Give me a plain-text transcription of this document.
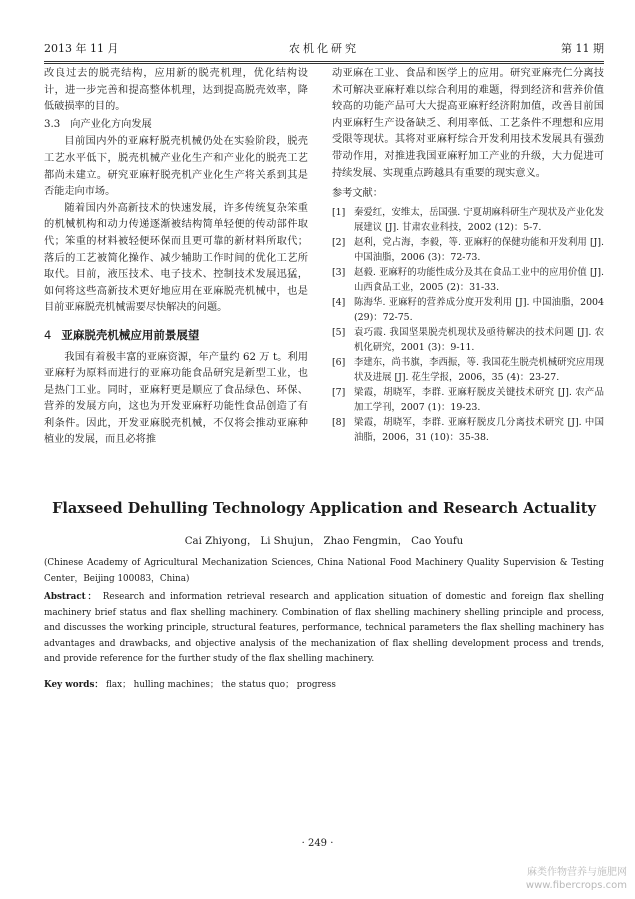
2013 年 11 月	农机化研究	第 11 期

改良过去的脱壳结构，应用新的脱壳机理，优化结构设计，进一步完善和提高整体机理，达到提高脱壳效率，降低破损率的目的。

3.3 向产业化方向发展

目前国内外的亚麻籽脱壳机械仍处在实验阶段，脱壳工艺水平低下，脱壳机械产业化生产和产业化的脱壳工艺都尚未建立。研究亚麻籽脱壳机产业化生产将关系到其是否能走向市场。

随着国内外高新技术的快速发展，许多传统复杂笨重的机械机构和动力传递逐渐被结构简单轻便的传动部件取代；笨重的材料被轻便环保而且更可靠的新材料所取代；落后的工艺被简化操作、减少辅助工作时间的优化工艺所取代。目前，液压技术、电子技术、控制技术发展迅猛，如何将这些高新技术更好地应用在亚麻脱壳机械中，也是目前亚麻脱壳机械需要尽快解决的问题。

4 亚麻脱壳机械应用前景展望

我国有着极丰富的亚麻资源，年产量约 62 万 t。利用亚麻籽为原料而进行的亚麻功能食品研究是新型工业，也是热门工业。同时，亚麻籽更是顺应了食品绿色、环保、营养的发展方向，这也为开发亚麻籽功能性食品创造了有利条件。因此，开发亚麻脱壳机械，不仅将会推动亚麻种植业的发展，而且必将推

动亚麻在工业、食品和医学上的应用。研究亚麻壳仁分离技术可解决亚麻籽难以综合利用的难题，得到经济和营养价值较高的功能产品可大大提高亚麻籽经济附加值，改善目前国内亚麻籽生产设备缺乏、利用率低、工艺条件不理想和应用受限等现状。其将对亚麻籽综合开发利用技术发展具有强劲带动作用，对推进我国亚麻籽加工产业的升级，大力促进可持续发展、实现重点跨越具有重要的现实意义。

参考文献：
[1] 秦爱红，安维太，岳国强. 宁夏胡麻科研生产现状及产业化发展建议 [J]. 甘肃农业科技，2002 (12)：5-7.
[2] 赵利，党占海，李毅，等. 亚麻籽的保健功能和开发利用 [J]. 中国油脂，2006 (3)：72-73.
[3] 赵毅. 亚麻籽的功能性成分及其在食品工业中的应用价值 [J]. 山西食品工业，2005 (2)：31-33.
[4] 陈海华. 亚麻籽的营养成分度开发利用 [J]. 中国油脂，2004 (29)：72-75.
[5] 袁巧霞. 我国坚果脱壳机现状及亟待解决的技术问题 [J]. 农机化研究，2001 (3)：9-11.
[6] 李建东，尚书旗，李西振，等. 我国花生脱壳机械研究应用现状及进展 [J]. 花生学报，2006，35 (4)：23-27.
[7] 梁霞，胡晓军，李群. 亚麻籽脱皮关键技术研究 [J]. 农产品加工学刊，2007 (1)：19-23.
[8] 梁霞，胡晓军，李群. 亚麻籽脱皮几分离技术研究 [J]. 中国油脂，2006，31 (10)：35-38.
Flaxseed Dehulling Technology Application and Research Actuality
Cai Zhiyong， Li Shujun， Zhao Fengmin， Cao Youfu
(Chinese Academy of Agricultural Mechanization Sciences, China National Food Machinery Quality Supervision & Testing Center，Beijing 100083，China)
Abstract： Research and information retrieval research and application situation of domestic and foreign flax shelling machinery brief status and flax shelling machinery. Combination of flax shelling machinery shelling principle and process, and discusses the working principle, structural features, performance, technical parameters the flax shelling machinery has advantages and drawbacks, and objective analysis of the mechanization of flax shelling development process and trends, and provide reference for the further study of the flax shelling machinery.
Key words： flax； hulling machines； the status quo； progress
· 249 ·
麻类作物营养与施肥网
www.fibercrops.com
